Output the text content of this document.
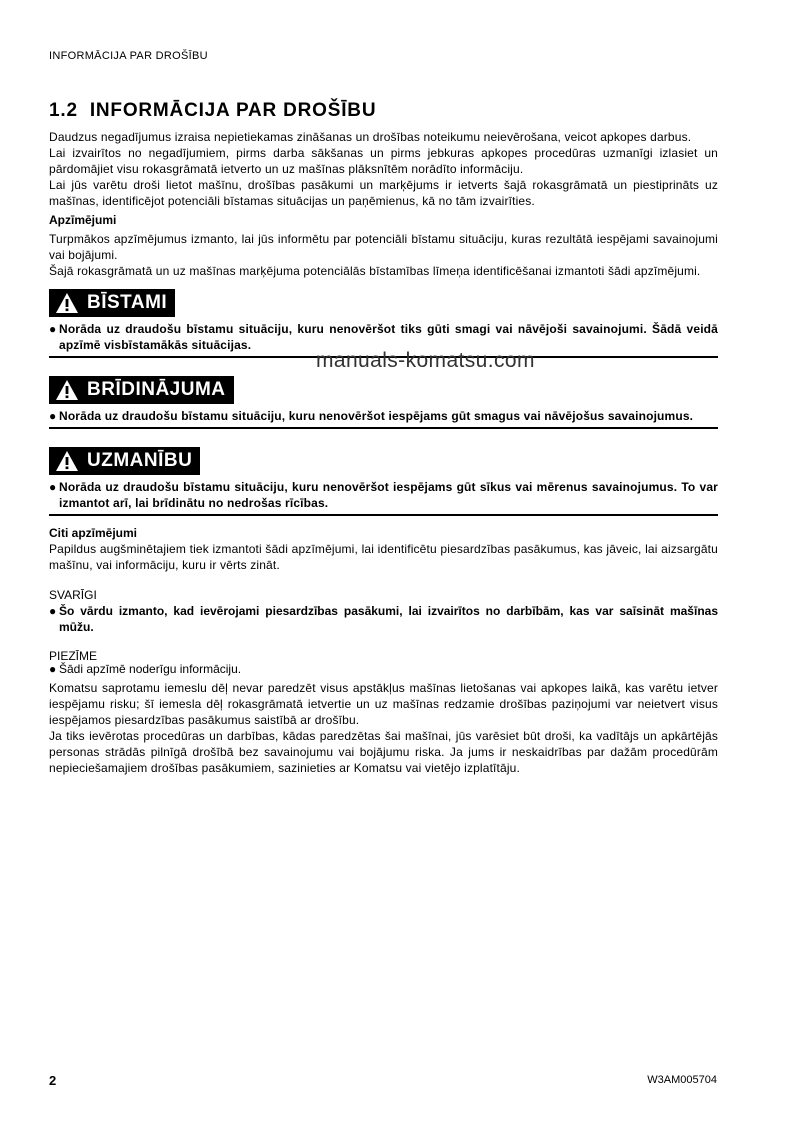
INFORMĀCIJA PAR DROŠĪBU
1.2 INFORMĀCIJA PAR DROŠĪBU

Daudzus negadījumus izraisa nepietiekamas zināšanas un drošības noteikumu neievērošana, veicot apkopes darbus.

Lai izvairītos no negadījumiem, pirms darba sākšanas un pirms jebkuras apkopes procedūras uzmanīgi izlasiet un pārdomājiet visu rokasgrāmatā ietverto un uz mašīnas plāksnītēm norādīto informāciju.

Lai jūs varētu droši lietot mašīnu, drošības pasākumi un marķējums ir ietverts šajā rokasgrāmatā un piestiprināts uz mašīnas, identificējot potenciāli bīstamas situācijas un paņēmienus, kā no tām izvairīties.

Apzīmējumi

Turpmākos apzīmējumus izmanto, lai jūs informētu par potenciāli bīstamu situāciju, kuras rezultātā iespējami savainojumi vai bojājumi.

Šajā rokasgrāmatā un uz mašīnas marķējuma potenciālās bīstamības līmeņa identificēšanai izmantoti šādi apzīmējumi.

BĪSTAMI
● Norāda uz draudošu bīstamu situāciju, kuru nenovēršot tiks gūti smagi vai nāvējoši savainojumi. Šādā veidā apzīmē visbīstamākās situācijas.
BRĪDINĀJUMA
● Norāda uz draudošu bīstamu situāciju, kuru nenovēršot iespējams gūt smagus vai nāvējošus savainojumus.
UZMANĪBU
● Norāda uz draudošu bīstamu situāciju, kuru nenovēršot iespējams gūt sīkus vai mērenus savainojumus. To var izmantot arī, lai brīdinātu no nedrošas rīcības.
Citi apzīmējumi

Papildus augšminētajiem tiek izmantoti šādi apzīmējumi, lai identificētu piesardzības pasākumus, kas jāveic, lai aizsargātu mašīnu, vai informāciju, kuru ir vērts zināt.

SVARĪGI
● Šo vārdu izmanto, kad ievērojami piesardzības pasākumi, lai izvairītos no darbībām, kas var saīsināt mašīnas mūžu.
PIEZĪME
● Šādi apzīmē noderīgu informāciju.

Komatsu saprotamu iemeslu dēļ nevar paredzēt visus apstākļus mašīnas lietošanas vai apkopes laikā, kas varētu ietver iespējamu risku; šī iemesla dēļ rokasgrāmatā ietvertie un uz mašīnas redzamie drošības paziņojumi var neietvert visus iespējamos piesardzības pasākumus saistībā ar drošību.

Ja tiks ievērotas procedūras un darbības, kādas paredzētas šai mašīnai, jūs varēsiet būt droši, ka vadītājs un apkārtējās personas strādās pilnīgā drošībā bez savainojumu vai bojājumu riska. Ja jums ir neskaidrības par dažām procedūrām nepieciešamajiem drošības pasākumiem, sazinieties ar Komatsu vai vietējo izplatītāju.

manuals-komatsu.com
2	W3AM005704
